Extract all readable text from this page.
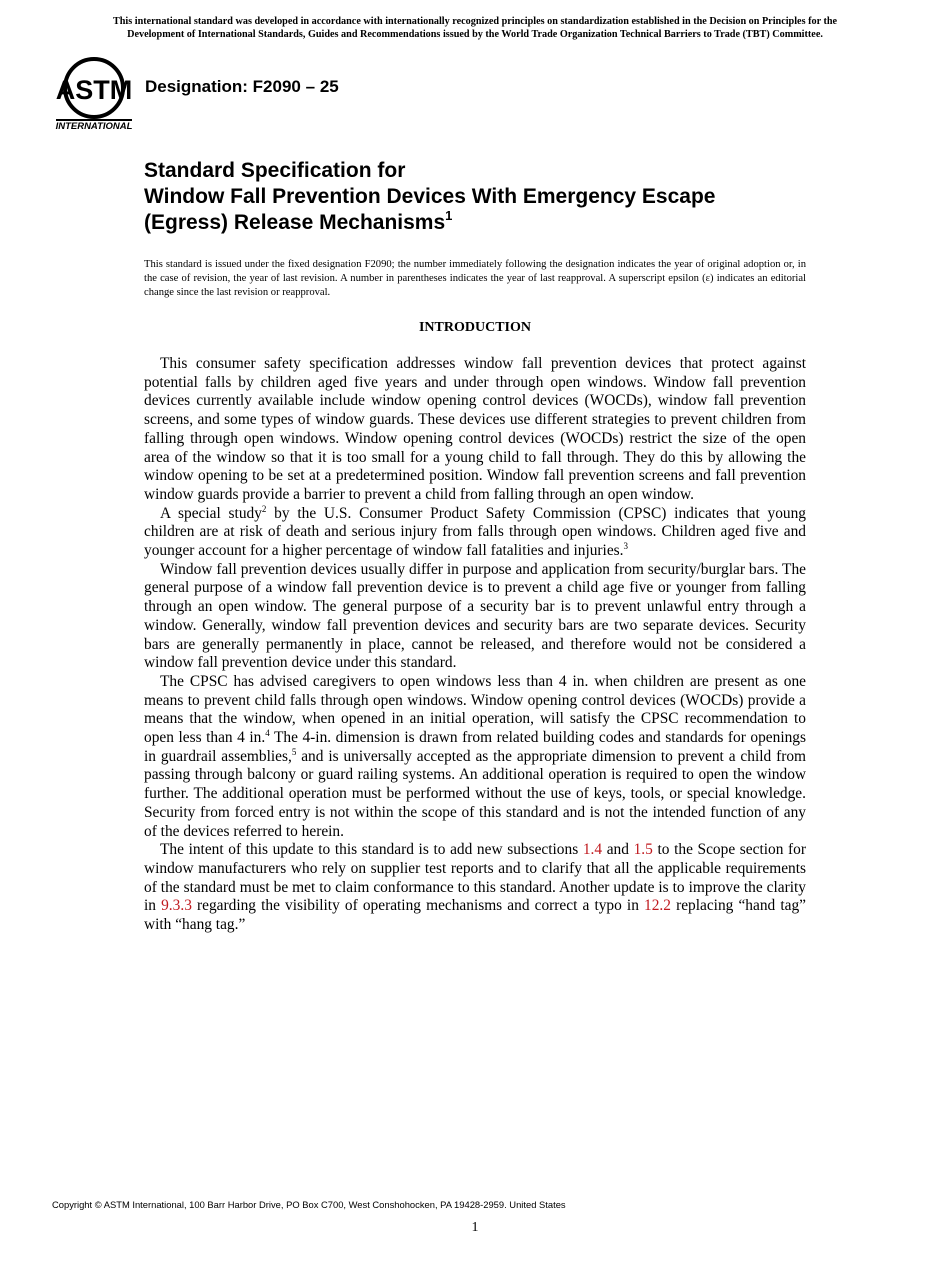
This international standard was developed in accordance with internationally recognized principles on standardization established in the Decision on Principles for the
Development of International Standards, Guides and Recommendations issued by the World Trade Organization Technical Barriers to Trade (TBT) Committee.
ASTM
INTERNATIONAL
Designation: F2090 – 25
Standard Specification for
Window Fall Prevention Devices With Emergency Escape
(Egress) Release Mechanisms$^1$
This standard is issued under the fixed designation F2090; the number immediately following the designation indicates the year of original adoption or, in the case of revision, the year of last revision. A number in parentheses indicates the year of last reapproval. A superscript epsilon (ε) indicates an editorial change since the last revision or reapproval.
INTRODUCTION

This consumer safety specification addresses window fall prevention devices that protect against potential falls by children aged five years and under through open windows. Window fall prevention devices currently available include window opening control devices (WOCDs), window fall prevention screens, and some types of window guards. These devices use different strategies to prevent children from falling through open windows. Window opening control devices (WOCDs) restrict the size of the open area of the window so that it is too small for a young child to fall through. They do this by allowing the window opening to be set at a predetermined position. Window fall prevention screens and fall prevention window guards provide a barrier to prevent a child from falling through an open window.

A special study$^2$ by the U.S. Consumer Product Safety Commission (CPSC) indicates that young children are at risk of death and serious injury from falls through open windows. Children aged five and younger account for a higher percentage of window fall fatalities and injuries.$^3$

Window fall prevention devices usually differ in purpose and application from security/burglar bars. The general purpose of a window fall prevention device is to prevent a child age five or younger from falling through an open window. The general purpose of a security bar is to prevent unlawful entry through a window. Generally, window fall prevention devices and security bars are two separate devices. Security bars are generally permanently in place, cannot be released, and therefore would not be considered a window fall prevention device under this standard.

The CPSC has advised caregivers to open windows less than 4 in. when children are present as one means to prevent child falls through open windows. Window opening control devices (WOCDs) provide a means that the window, when opened in an initial operation, will satisfy the CPSC recommendation to open less than 4 in.$^4$ The 4-in. dimension is drawn from related building codes and standards for openings in guardrail assemblies,$^5$ and is universally accepted as the appropriate dimension to prevent a child from passing through balcony or guard railing systems. An additional operation is required to open the window further. The additional operation must be performed without the use of keys, tools, or special knowledge. Security from forced entry is not within the scope of this standard and is not the intended function of any of the devices referred to herein.

The intent of this update to this standard is to add new subsections 1.4 and 1.5 to the Scope section for window manufacturers who rely on supplier test reports and to clarify that all the applicable requirements of the standard must be met to claim conformance to this standard. Another update is to improve the clarity in 9.3.3 regarding the visibility of operating mechanisms and correct a typo in 12.2 replacing “hand tag” with “hang tag.”

Copyright © ASTM International, 100 Barr Harbor Drive, PO Box C700, West Conshohocken, PA 19428-2959. United States
1
